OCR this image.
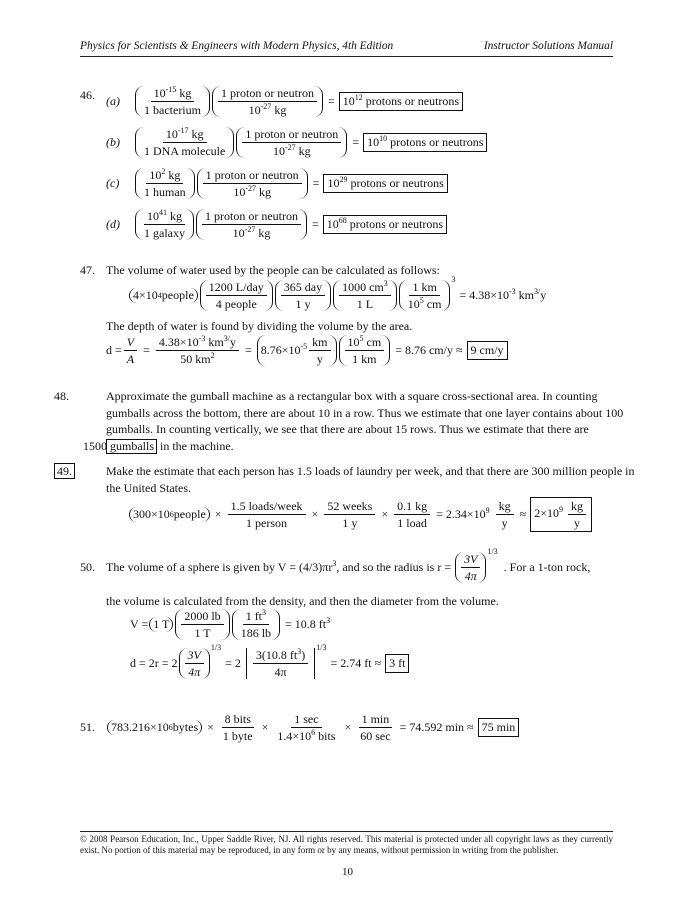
Physics for Scientists & Engineers with Modern Physics, 4th Edition	Instructor Solutions Manual
46. (a)	$\frac{10^{-15} kg}{\text{1 bacterium}} \frac{\text{1 proton or neutron}}{10^{-27} kg} = 10^{12}$ protons or neutrons
(b)	$\frac{10^{-17} kg}{\text{1 DNA molecule}} \frac{\text{1 proton or neutron}}{10^{-27} kg} = 10^{10}$ protons or neutrons
(c)	$\frac{10^2 kg}{\text{1 human}} \frac{\text{1 proton or neutron}}{10^{-27} kg} = 10^{29}$ protons or neutrons
(d)	$\frac{10^{41} kg}{\text{1 galaxy}} \frac{\text{1 proton or neutron}}{10^{-27} kg} = 10^{68}$ protons or neutrons
47. The volume of water used by the people can be calculated as follows:
4×10 4 people	$\frac{\text{1200 L/day}}{\text{4 people}} \frac{\text{365 day}}{1 y} \frac{1000 cm^3}{1 L} \frac{1 km}{10^5 cm}$
3
= $4.38\times 10^{-3}$ $km^{3/}y$
The depth of water is found by dividing the volume by the area.
$d = \frac{V}{A} = \frac{4.38\times 10^{-3} km^{3/}y}{50 km^2} = 8.76\times 10^{-5} \frac{km}{y} \frac{10^5 cm}{1 km} = 8.76$ cm/y ≈ 9 cm/y
48.	Approximate the gumball machine as a rectangular box with a square cross-sectional area. In counting gumballs across the bottom, there are about 10 in a row. Thus we estimate that one layer contains about 100 gumballs. In counting vertically, we see that there are about 15 rows. Thus we estimate that there are 1500 gumballs in the machine.
49.	Make the estimate that each person has 1.5 loads of laundry per week, and that there are 300 million people in the United States.
300×10 6 people × $\frac{\text{1.5 loads/week}}{\text{1 person}} \times \frac{\text{52 weeks}}{1 y} \times \frac{0.1 kg}{\text{1 load}} = 2.34\times 10^9 \frac{kg}{y} \approx 2\times 10^9 \frac{kg}{y}$
50. The volume of a sphere is given by $V = (4/3)\pi r^3$, and so the radius is $r = \frac{3V}{4\pi}$
1/3
. For a 1-ton rock,
the volume is calculated from the density, and then the diameter from the volume.
V = 1 T	$\frac{2000 lb}{1 T} \frac{1 ft^3}{186 lb} = 10.8$ $ft^3$
$d = 2r = 2 \frac{3V}{4\pi}$
1/3
= $2 \frac{3(10.8 ft^3)}{4\pi}$
1/3
= 2.74 ft ≈ 3 ft
51.	783.216×10 6 bytes × $\frac{\text{8 bits}}{\text{1 byte}} \times \frac{1 \sec}{1.4\times 10^6 bits} \times \frac{1 \min}{60 \sec} = 74.592$ min ≈ 75 min
© 2008 Pearson Education, Inc., Upper Saddle River, NJ. All rights reserved. This material is protected under all copyright laws as they currently exist. No portion of this material may be reproduced, in any form or by any means, without permission in writing from the publisher.
10
